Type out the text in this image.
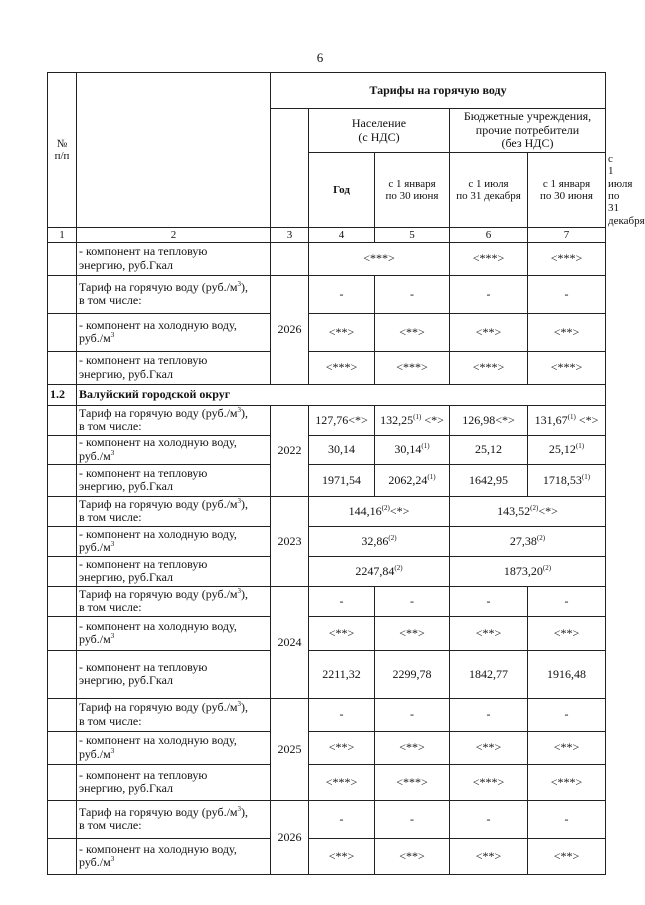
6
№
п/п		Тарифы на горячую воду					
			Население
(с НДС)		Бюджетные учреждения,
прочие потребители
(без НДС)		
			Год	с 1 января
по 30 июня	с 1 июля
по 31 декабря	с 1 января
по 30 июня	с 1 июля
по 31 декабря
1	2	3	4	5	6	7	
	- компонент на тепловую
энергию, руб.Гкал		<***>		<***>	<***>	
	Тариф на горячую воду $(руб./м^3)$,
в том числе:	2026	-	-	-	-	
	- компонент на холодную воду,
$руб./м^3$		<**>	<**>	<**>	<**>	
	- компонент на тепловую
энергию, руб.Гкал		<***>	<***>	<***>	<***>	
1.2	Валуйский городской округ						
	Тариф на горячую воду $(руб./м^3)$,
в том числе:	2022	127,76<*>	$132,25^{(1)}$ <*>	126,98<*>	$131,67^{(1)}$ <*>	
	- компонент на холодную воду,
$руб./м^3$		30,14	30,14$^{(1)}$	25,12	25,12$^{(1)}$
	- компонент на тепловую
энергию, руб.Гкал		1971,54	2062,24$^{(1)}$	1642,95	1718,53$^{(1)}$
	Тариф на горячую воду $(руб./м^3)$,
в том числе:	2023	$144,16^{(2)}<*>$		$143,52^{(2)}<*>$		
	- компонент на холодную воду,
$руб./м^3$		32,86$^{(2)}$		27,38$^{(2)}$
	- компонент на тепловую
энергию, руб.Гкал		2247,84$^{(2)}$		1873,20$^{(2)}$
	Тариф на горячую воду $(руб./м^3)$,
в том числе:	2024	-	-	-	-	
	- компонент на холодную воду,
$руб./м^3$		<**>	<**>	<**>	<**>	
	- компонент на тепловую
энергию, руб.Гкал		2211,32	2299,78	1842,77	1916,48	
	Тариф на горячую воду $(руб./м^3)$,
в том числе:	2025	-	-	-	-	
	- компонент на холодную воду,
$руб./м^3$		<**>	<**>	<**>	<**>	
	- компонент на тепловую
энергию, руб.Гкал		<***>	<***>	<***>	<***>	
	Тариф на горячую воду $(руб./м^3)$,
в том числе:	2026	-	-	-	-	
	- компонент на холодную воду,
$руб./м^3$		<**>	<**>	<**>	<**>	
